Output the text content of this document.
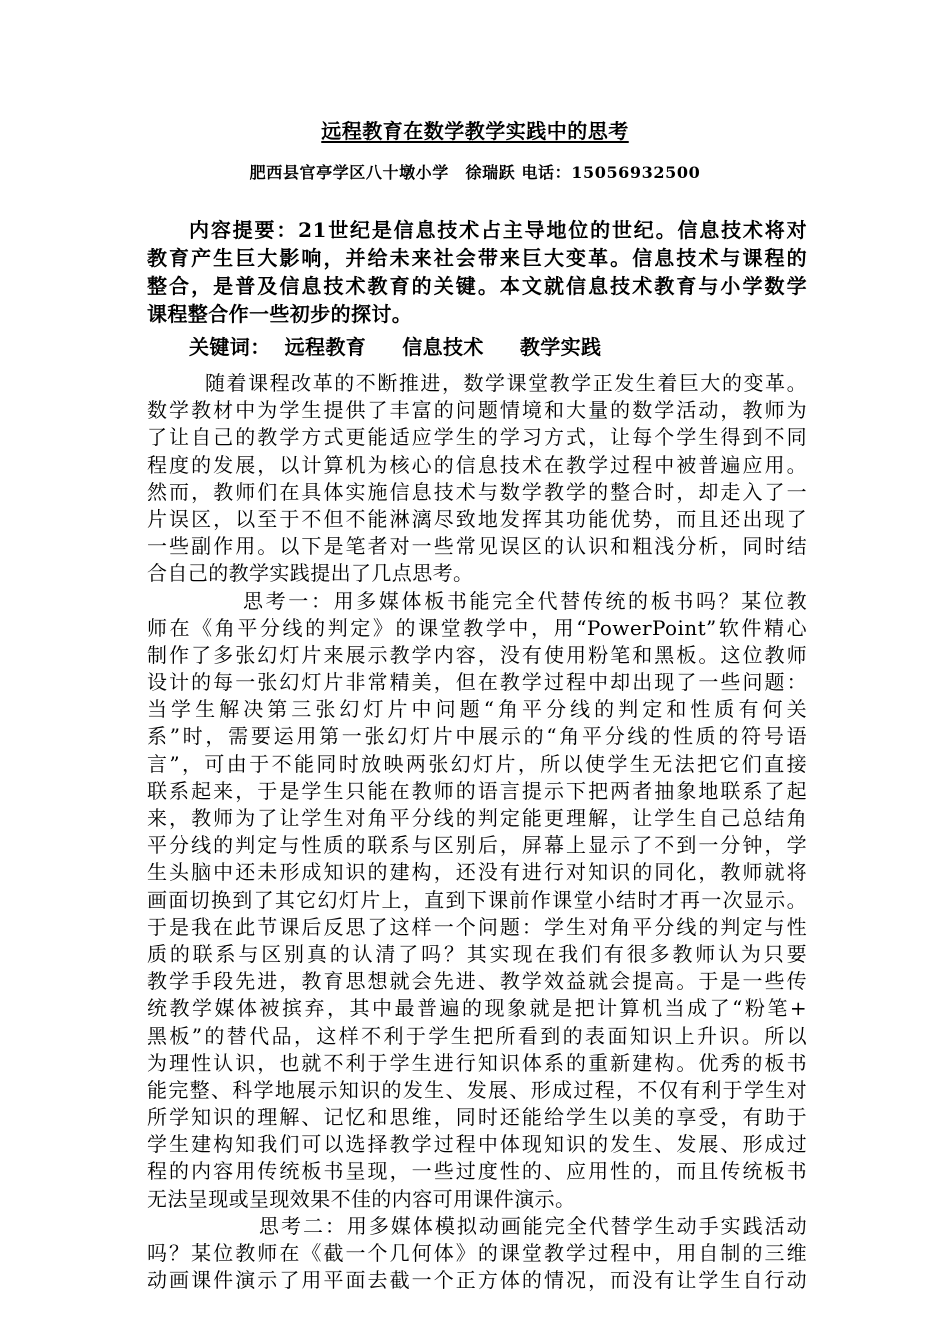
远程教育在数学教学实践中的思考
肥西县官亭学区八十墩小学　徐瑞跃 电话：15056932500
内容提要：21世纪是信息技术占主导地位的世纪。信息技术将对
教育产生巨大影响，并给未来社会带来巨大变革。信息技术与课程的
整合，是普及信息技术教育的关键。本文就信息技术教育与小学数学
课程整合作一些初步的探讨。
关键词： 远程教育 信息技术 教学实践
随着课程改革的不断推进，数学课堂教学正发生着巨大的变革。
数学教材中为学生提供了丰富的问题情境和大量的数学活动，教师为
了让自己的教学方式更能适应学生的学习方式，让每个学生得到不同
程度的发展，以计算机为核心的信息技术在教学过程中被普遍应用。
然而，教师们在具体实施信息技术与数学教学的整合时，却走入了一
片误区，以至于不但不能淋漓尽致地发挥其功能优势，而且还出现了
一些副作用。以下是笔者对一些常见误区的认识和粗浅分析，同时结
合自己的教学实践提出了几点思考。
思考一：用多媒体板书能完全代替传统的板书吗？某位教
师在《角平分线的判定》的课堂教学中，用“PowerPoint”软件精心
制作了多张幻灯片来展示教学内容，没有使用粉笔和黑板。这位教师
设计的每一张幻灯片非常精美，但在教学过程中却出现了一些问题：
当学生解决第三张幻灯片中问题“角平分线的判定和性质有何关
系”时，需要运用第一张幻灯片中展示的“角平分线的性质的符号语
言”，可由于不能同时放映两张幻灯片，所以使学生无法把它们直接
联系起来，于是学生只能在教师的语言提示下把两者抽象地联系了起
来，教师为了让学生对角平分线的判定能更理解，让学生自己总结角
平分线的判定与性质的联系与区别后，屏幕上显示了不到一分钟，学
生头脑中还未形成知识的建构，还没有进行对知识的同化，教师就将
画面切换到了其它幻灯片上，直到下课前作课堂小结时才再一次显示。
于是我在此节课后反思了这样一个问题：学生对角平分线的判定与性
质的联系与区别真的认清了吗？其实现在我们有很多教师认为只要
教学手段先进，教育思想就会先进、教学效益就会提高。于是一些传
统教学媒体被摈弃，其中最普遍的现象就是把计算机当成了“粉笔+
黑板”的替代品，这样不利于学生把所看到的表面知识上升识。所以
为理性认识，也就不利于学生进行知识体系的重新建构。优秀的板书
能完整、科学地展示知识的发生、发展、形成过程，不仅有利于学生对
所学知识的理解、记忆和思维，同时还能给学生以美的享受，有助于
学生建构知我们可以选择教学过程中体现知识的发生、发展、形成过
程的内容用传统板书呈现，一些过度性的、应用性的，而且传统板书
无法呈现或呈现效果不佳的内容可用课件演示。
思考二：用多媒体模拟动画能完全代替学生动手实践活动
吗？某位教师在《截一个几何体》的课堂教学过程中，用自制的三维
动画课件演示了用平面去截一个正方体的情况，而没有让学生自行动
